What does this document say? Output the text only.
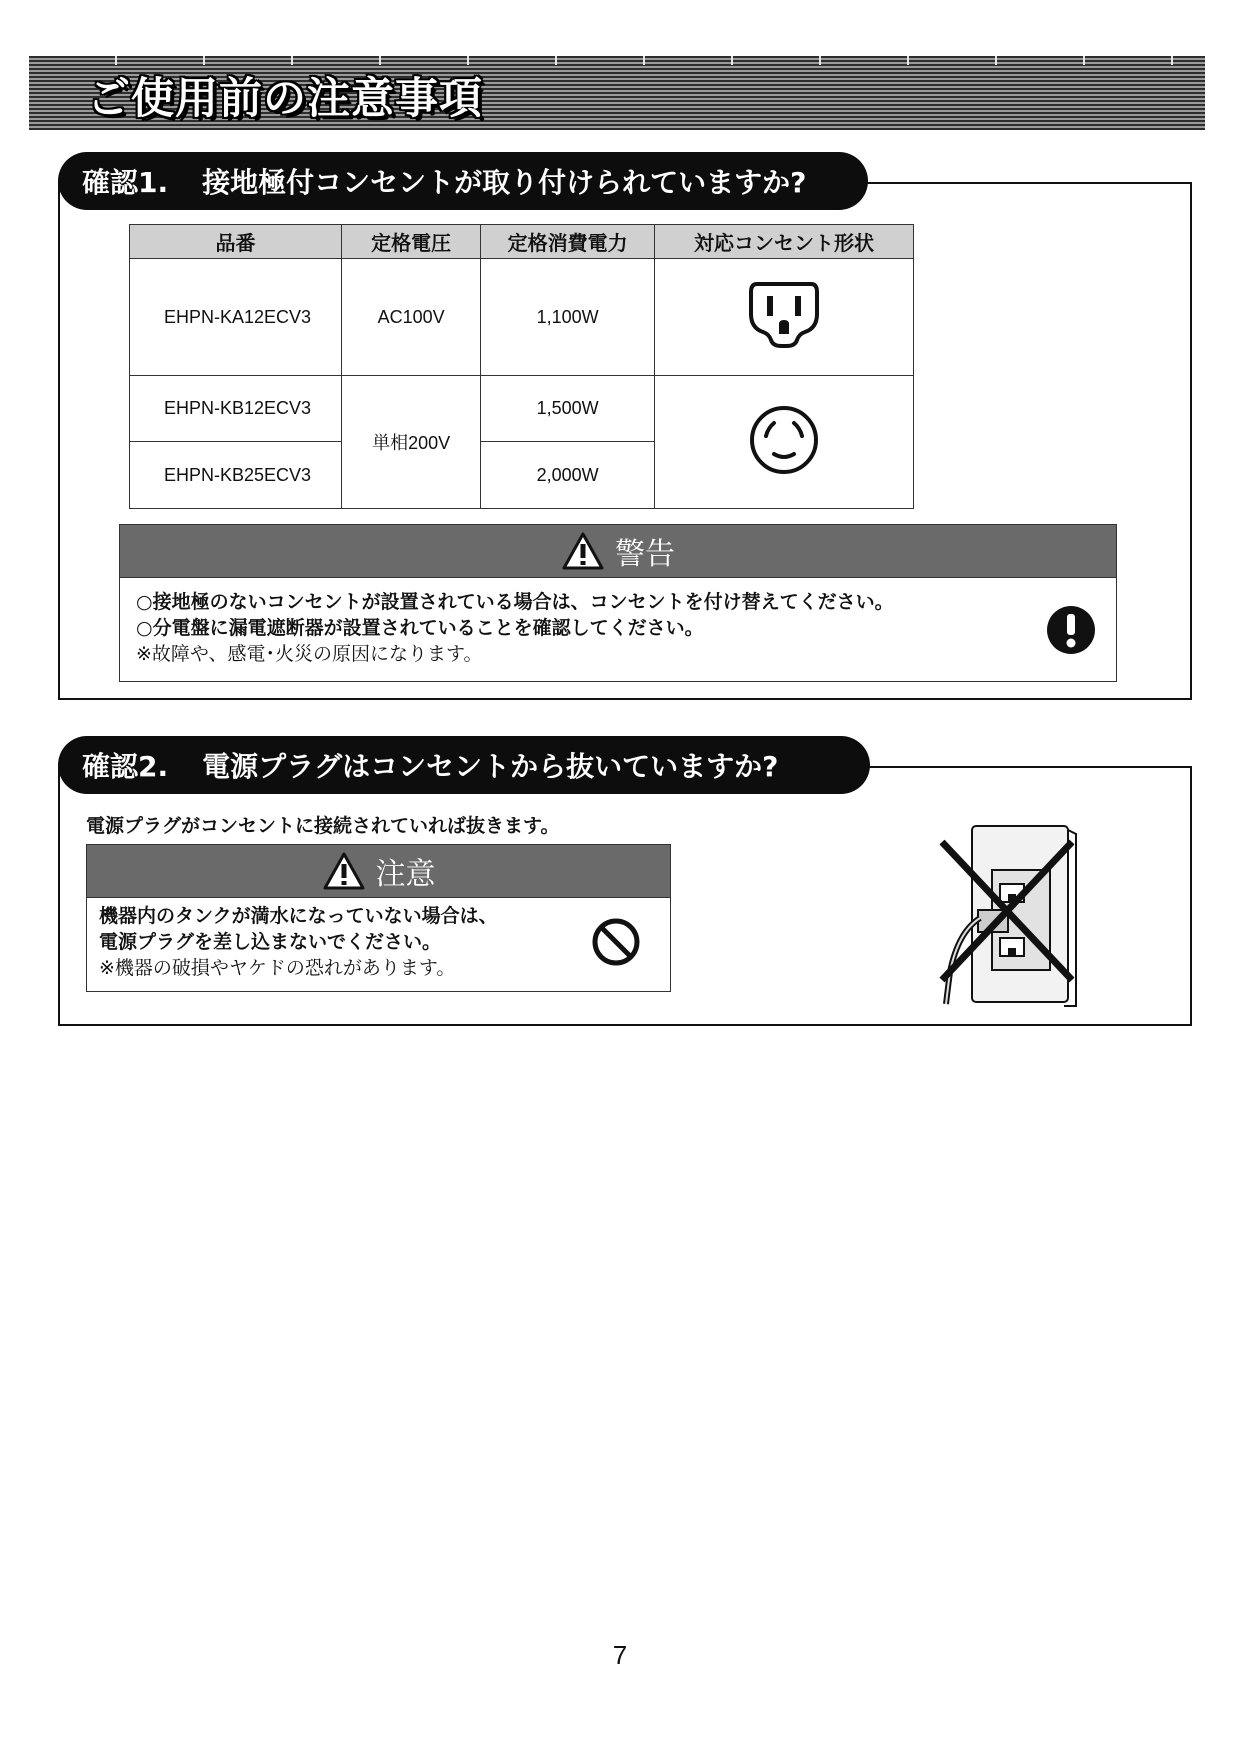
ご使用前の注意事項
確認1. 接地極付コンセントが取り付けられていますか?
品番	定格電圧	定格消費電力	対応コンセント形状
EHPN-KA12ECV3	AC100V	1,100W	
EHPN-KB12ECV3	単相200V	1,500W	
EHPN-KB25ECV3		2,000W	
警告
○接地極のないコンセントが設置されている場合は、コンセントを付け替えてください。
○分電盤に漏電遮断器が設置されていることを確認してください。
※故障や、感電･火災の原因になります。
確認2. 電源プラグはコンセントから抜いていますか?
電源プラグがコンセントに接続されていれば抜きます。
注意
機器内のタンクが満水になっていない場合は、
電源プラグを差し込まないでください。
※機器の破損やヤケドの恐れがあります。
7
